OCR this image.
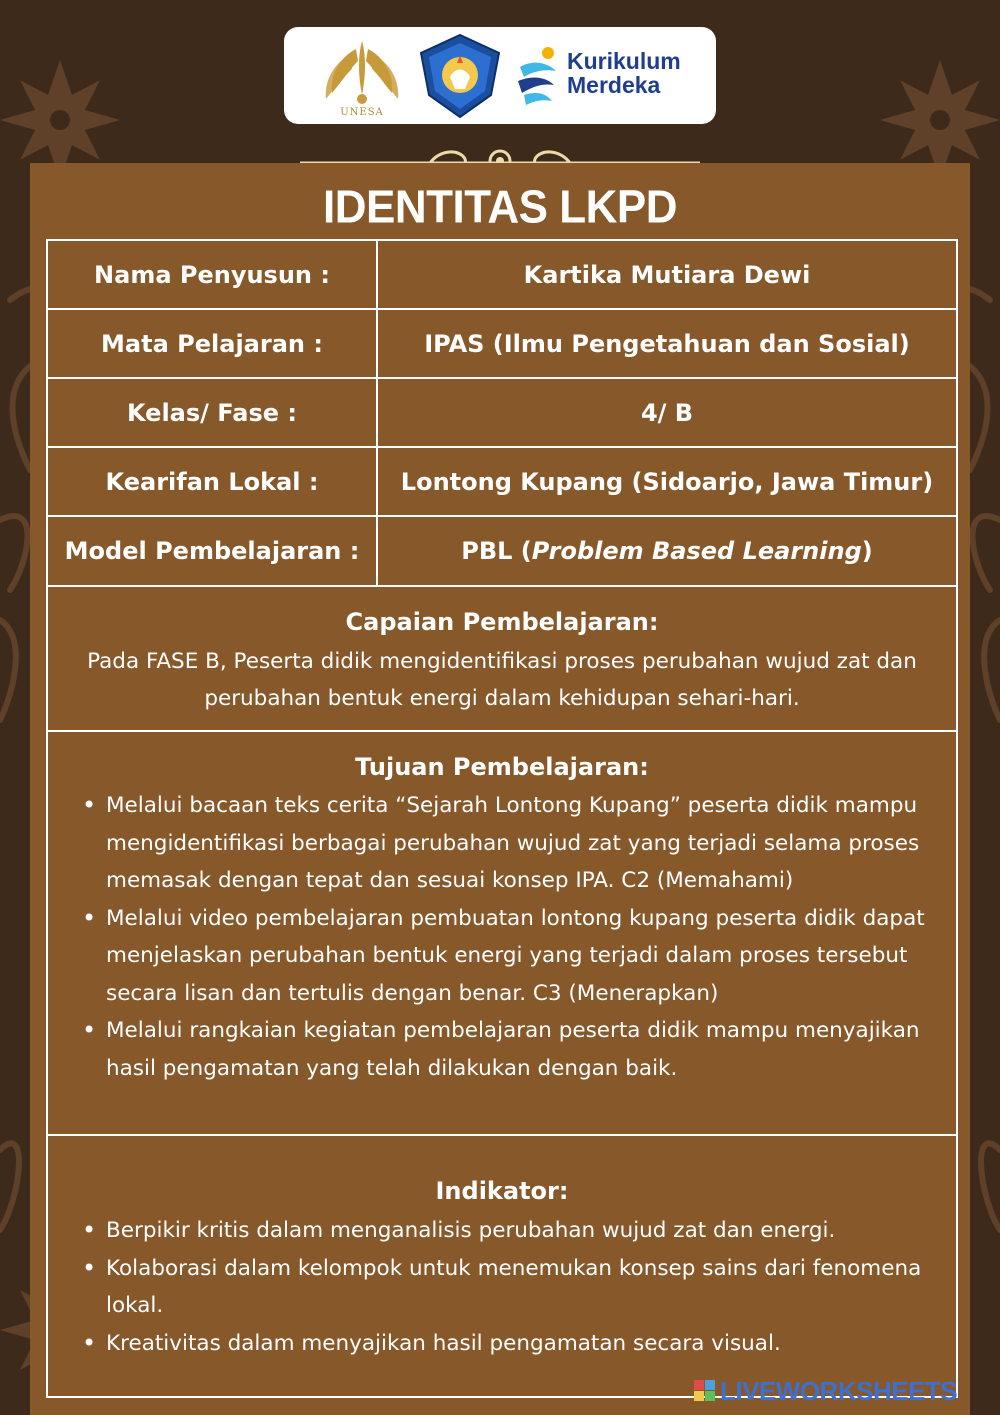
UNESA
Kurikulum
Merdeka
IDENTITAS LKPD
Nama Penyusun :	Kartika Mutiara Dewi
Mata Pelajaran :	IPAS (Ilmu Pengetahuan dan Sosial)
Kelas/ Fase :	4/ B
Kearifan Lokal :	Lontong Kupang (Sidoarjo, Jawa Timur)
Model Pembelajaran :	PBL ( Problem Based Learning )
Capaian Pembelajaran:
Pada FASE B, Peserta didik mengidentifikasi proses perubahan wujud zat dan perubahan bentuk energi dalam kehidupan sehari-hari.
Tujuan Pembelajaran:
• Melalui bacaan teks cerita “Sejarah Lontong Kupang” peserta didik mampu mengidentifikasi berbagai perubahan wujud zat yang terjadi selama proses memasak dengan tepat dan sesuai konsep IPA. C2 (Memahami)
• Melalui video pembelajaran pembuatan lontong kupang peserta didik dapat menjelaskan perubahan bentuk energi yang terjadi dalam proses tersebut secara lisan dan tertulis dengan benar. C3 (Menerapkan)
• Melalui rangkaian kegiatan pembelajaran peserta didik mampu menyajikan hasil pengamatan yang telah dilakukan dengan baik.
Indikator:
• Berpikir kritis dalam menganalisis perubahan wujud zat dan energi.
• Kolaborasi dalam kelompok untuk menemukan konsep sains dari fenomena lokal.
• Kreativitas dalam menyajikan hasil pengamatan secara visual.
LIVEWORKSHEETS
